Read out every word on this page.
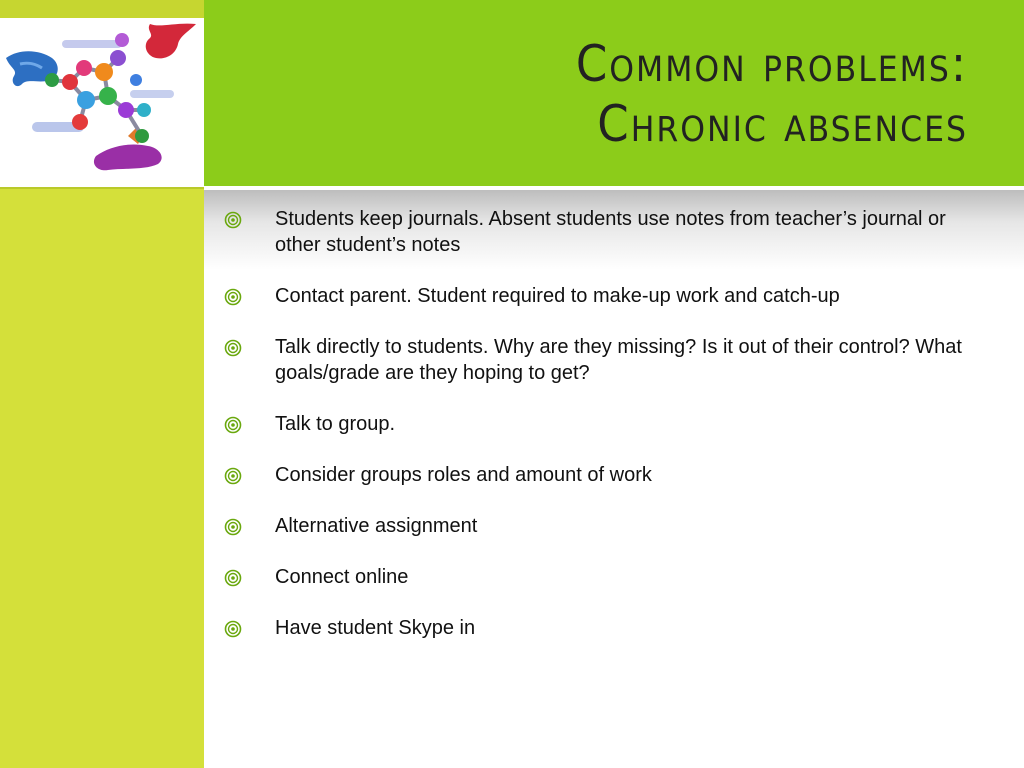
Common problems:
Chronic absences
Students keep journals. Absent students use notes from teacher’s journal or other student’s notes
Contact parent. Student required to make-up work and catch-up
Talk directly to students. Why are they missing? Is it out of their control? What goals/grade are they hoping to get?
Talk to group.
Consider groups roles and amount of work
Alternative assignment
Connect online
Have student Skype in
